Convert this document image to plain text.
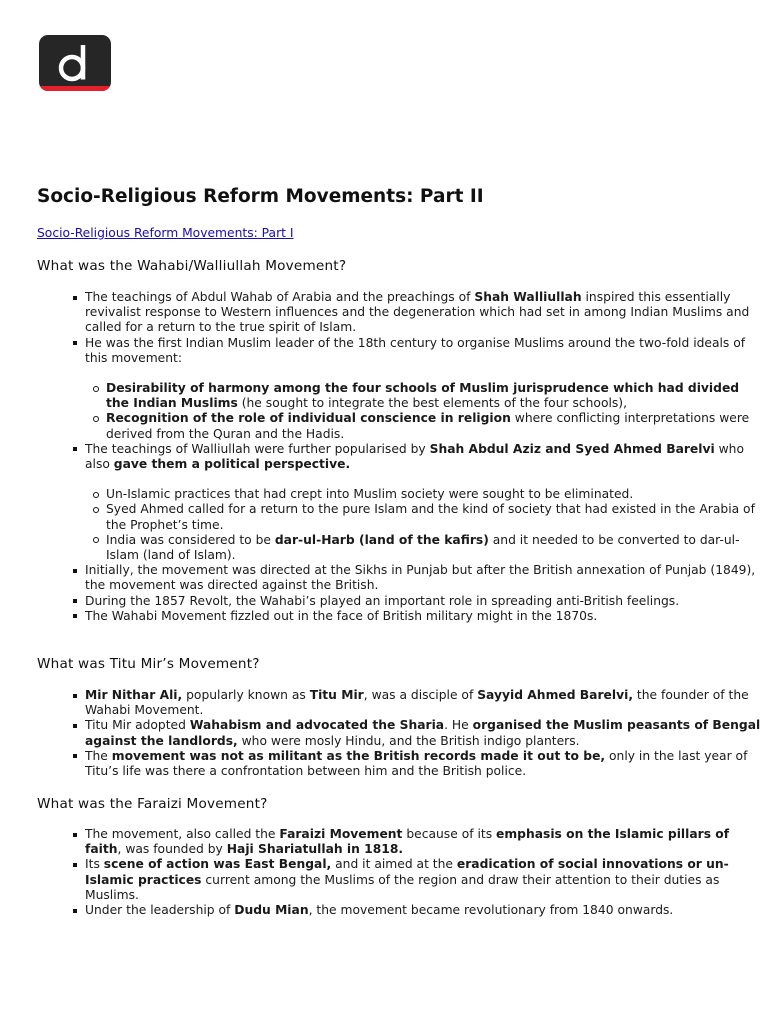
Socio-Religious Reform Movements: Part II
Socio-Religious Reform Movements: Part I
What was the Wahabi/Walliullah Movement?
The teachings of Abdul Wahab of Arabia and the preachings of Shah Walliullah inspired this essentially revivalist response to Western influences and the degeneration which had set in among Indian Muslims and called for a return to the true spirit of Islam.
He was the first Indian Muslim leader of the 18th century to organise Muslims around the two-fold ideals of this movement:
Desirability of harmony among the four schools of Muslim jurisprudence which had divided the Indian Muslims (he sought to integrate the best elements of the four schools),
Recognition of the role of individual conscience in religion where conflicting interpretations were derived from the Quran and the Hadis.
The teachings of Walliullah were further popularised by Shah Abdul Aziz and Syed Ahmed Barelvi who also gave them a political perspective.
Un-Islamic practices that had crept into Muslim society were sought to be eliminated.
Syed Ahmed called for a return to the pure Islam and the kind of society that had existed in the Arabia of the Prophet’s time.
India was considered to be dar-ul-Harb (land of the kafirs) and it needed to be converted to dar-ul-Islam (land of Islam).
Initially, the movement was directed at the Sikhs in Punjab but after the British annexation of Punjab (1849), the movement was directed against the British.
During the 1857 Revolt, the Wahabi’s played an important role in spreading anti-British feelings.
The Wahabi Movement fizzled out in the face of British military might in the 1870s.
What was Titu Mir’s Movement?
Mir Nithar Ali, popularly known as Titu Mir, was a disciple of Sayyid Ahmed Barelvi, the founder of the Wahabi Movement.
Titu Mir adopted Wahabism and advocated the Sharia. He organised the Muslim peasants of Bengal against the landlords, who were mosly Hindu, and the British indigo planters.
The movement was not as militant as the British records made it out to be, only in the last year of Titu’s life was there a confrontation between him and the British police.
What was the Faraizi Movement?
The movement, also called the Faraizi Movement because of its emphasis on the Islamic pillars of faith, was founded by Haji Shariatullah in 1818.
Its scene of action was East Bengal, and it aimed at the eradication of social innovations or un-Islamic practices current among the Muslims of the region and draw their attention to their duties as Muslims.
Under the leadership of Dudu Mian, the movement became revolutionary from 1840 onwards.
